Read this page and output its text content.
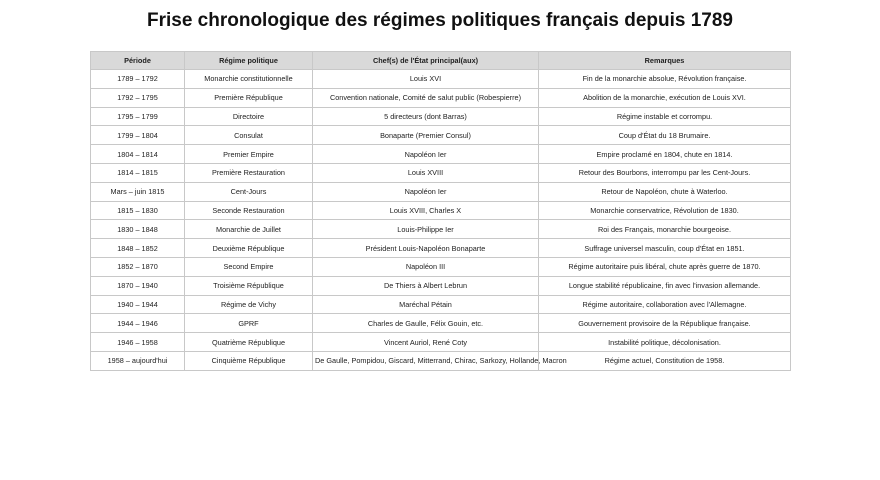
Frise chronologique des régimes politiques français depuis 1789
Période	Régime politique	Chef(s) de l'État principal(aux)	Remarques
1789 – 1792	Monarchie constitutionnelle	Louis XVI	Fin de la monarchie absolue, Révolution française.
1792 – 1795	Première République	Convention nationale, Comité de salut public (Robespierre)	Abolition de la monarchie, exécution de Louis XVI.
1795 – 1799	Directoire	5 directeurs (dont Barras)	Régime instable et corrompu.
1799 – 1804	Consulat	Bonaparte (Premier Consul)	Coup d'État du 18 Brumaire.
1804 – 1814	Premier Empire	Napoléon Ier	Empire proclamé en 1804, chute en 1814.
1814 – 1815	Première Restauration	Louis XVIII	Retour des Bourbons, interrompu par les Cent-Jours.
Mars – juin 1815	Cent-Jours	Napoléon Ier	Retour de Napoléon, chute à Waterloo.
1815 – 1830	Seconde Restauration	Louis XVIII, Charles X	Monarchie conservatrice, Révolution de 1830.
1830 – 1848	Monarchie de Juillet	Louis-Philippe Ier	Roi des Français, monarchie bourgeoise.
1848 – 1852	Deuxième République	Président Louis-Napoléon Bonaparte	Suffrage universel masculin, coup d'État en 1851.
1852 – 1870	Second Empire	Napoléon III	Régime autoritaire puis libéral, chute après guerre de 1870.
1870 – 1940	Troisième République	De Thiers à Albert Lebrun	Longue stabilité républicaine, fin avec l'invasion allemande.
1940 – 1944	Régime de Vichy	Maréchal Pétain	Régime autoritaire, collaboration avec l'Allemagne.
1944 – 1946	GPRF	Charles de Gaulle, Félix Gouin, etc.	Gouvernement provisoire de la République française.
1946 – 1958	Quatrième République	Vincent Auriol, René Coty	Instabilité politique, décolonisation.
1958 – aujourd'hui	Cinquième République	De Gaulle, Pompidou, Giscard, Mitterrand, Chirac, Sarkozy, Hollande, Macron	Régime actuel, Constitution de 1958.
